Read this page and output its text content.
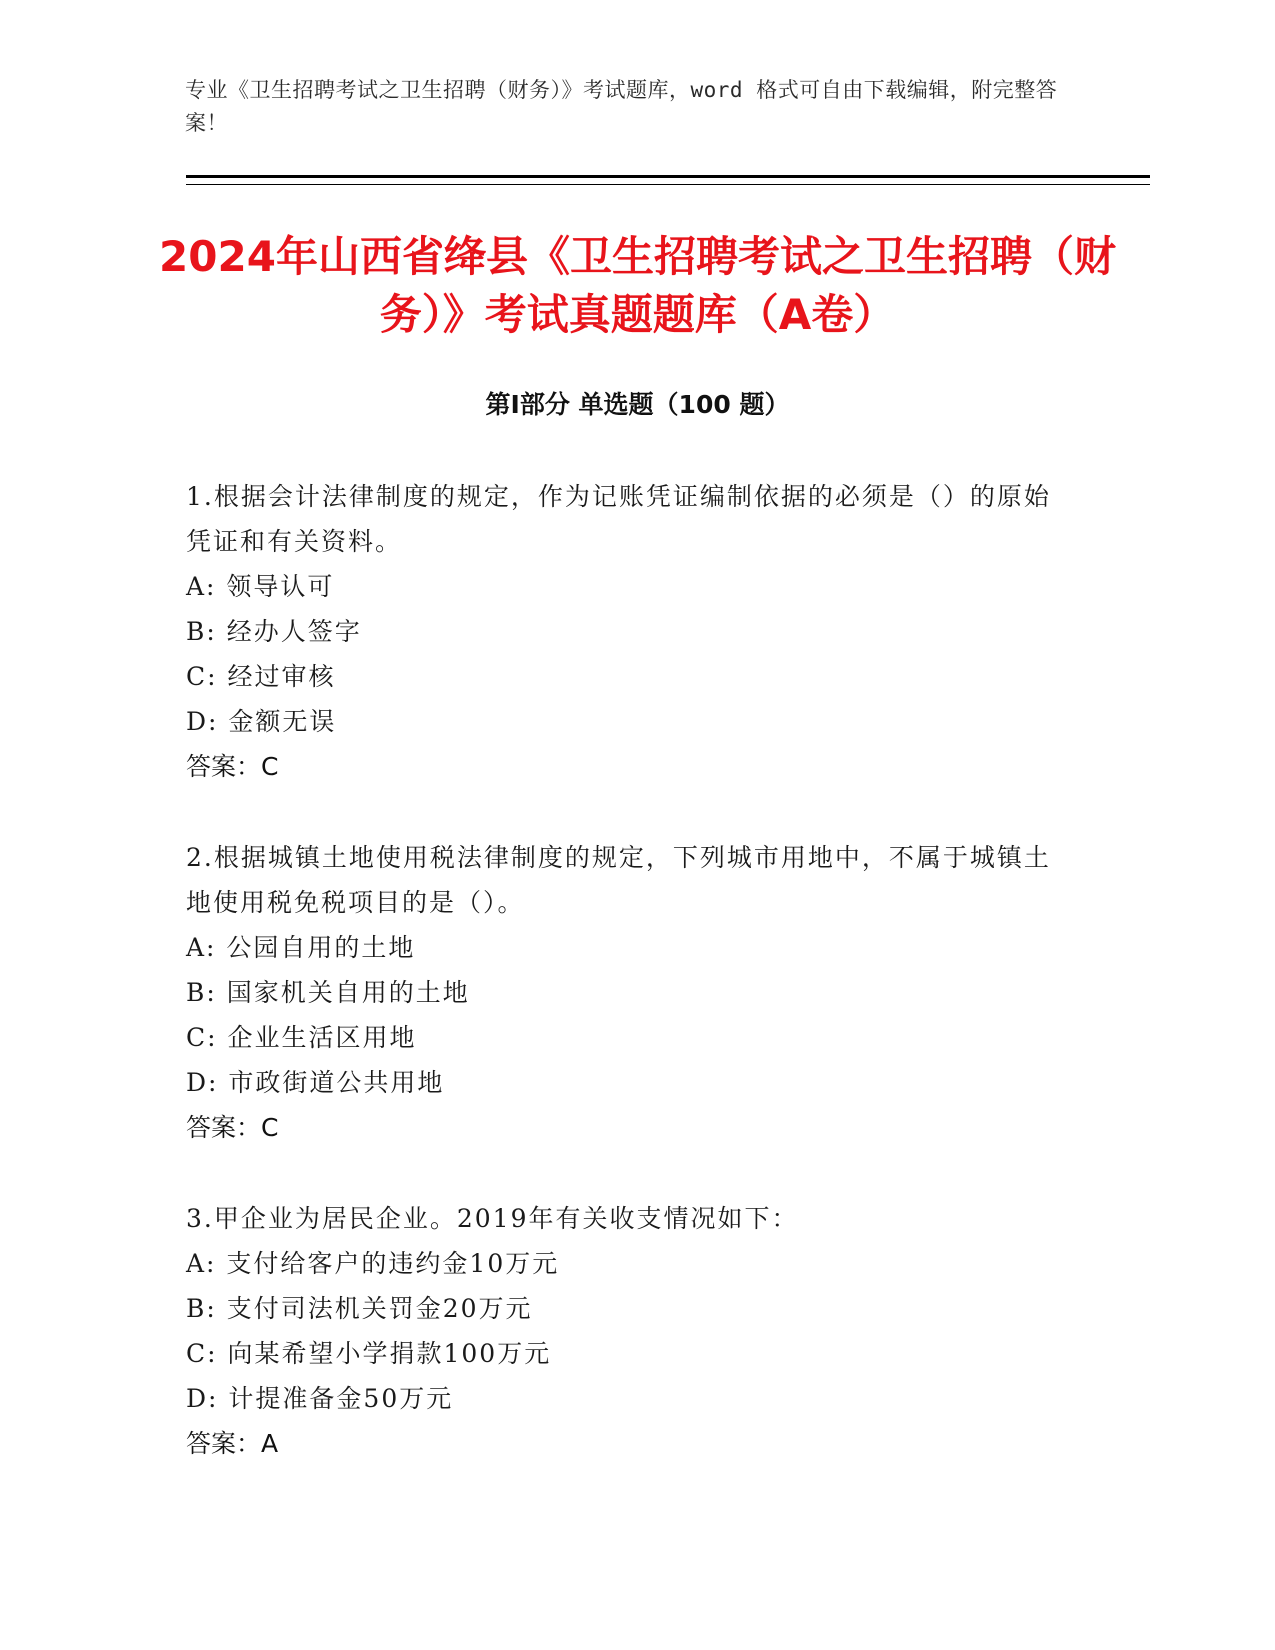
专业《卫生招聘考试之卫生招聘（财务）》考试题库，word 格式可自由下载编辑，附完整答案！
2024年山西省绛县《卫生招聘考试之卫生招聘（财务）》考试真题题库（A卷）
第Ⅰ部分 单选题（100 题）
1.根据会计法律制度的规定，作为记账凭证编制依据的必须是（）的原始凭证和有关资料。
A: 领导认可
B: 经办人签字
C: 经过审核
D: 金额无误
答案：C
2.根据城镇土地使用税法律制度的规定，下列城市用地中，不属于城镇土地使用税免税项目的是（）。
A: 公园自用的土地
B: 国家机关自用的土地
C: 企业生活区用地
D: 市政街道公共用地
答案：C
3.甲企业为居民企业。2019年有关收支情况如下：
A: 支付给客户的违约金10万元
B: 支付司法机关罚金20万元
C: 向某希望小学捐款100万元
D: 计提准备金50万元
答案：A
